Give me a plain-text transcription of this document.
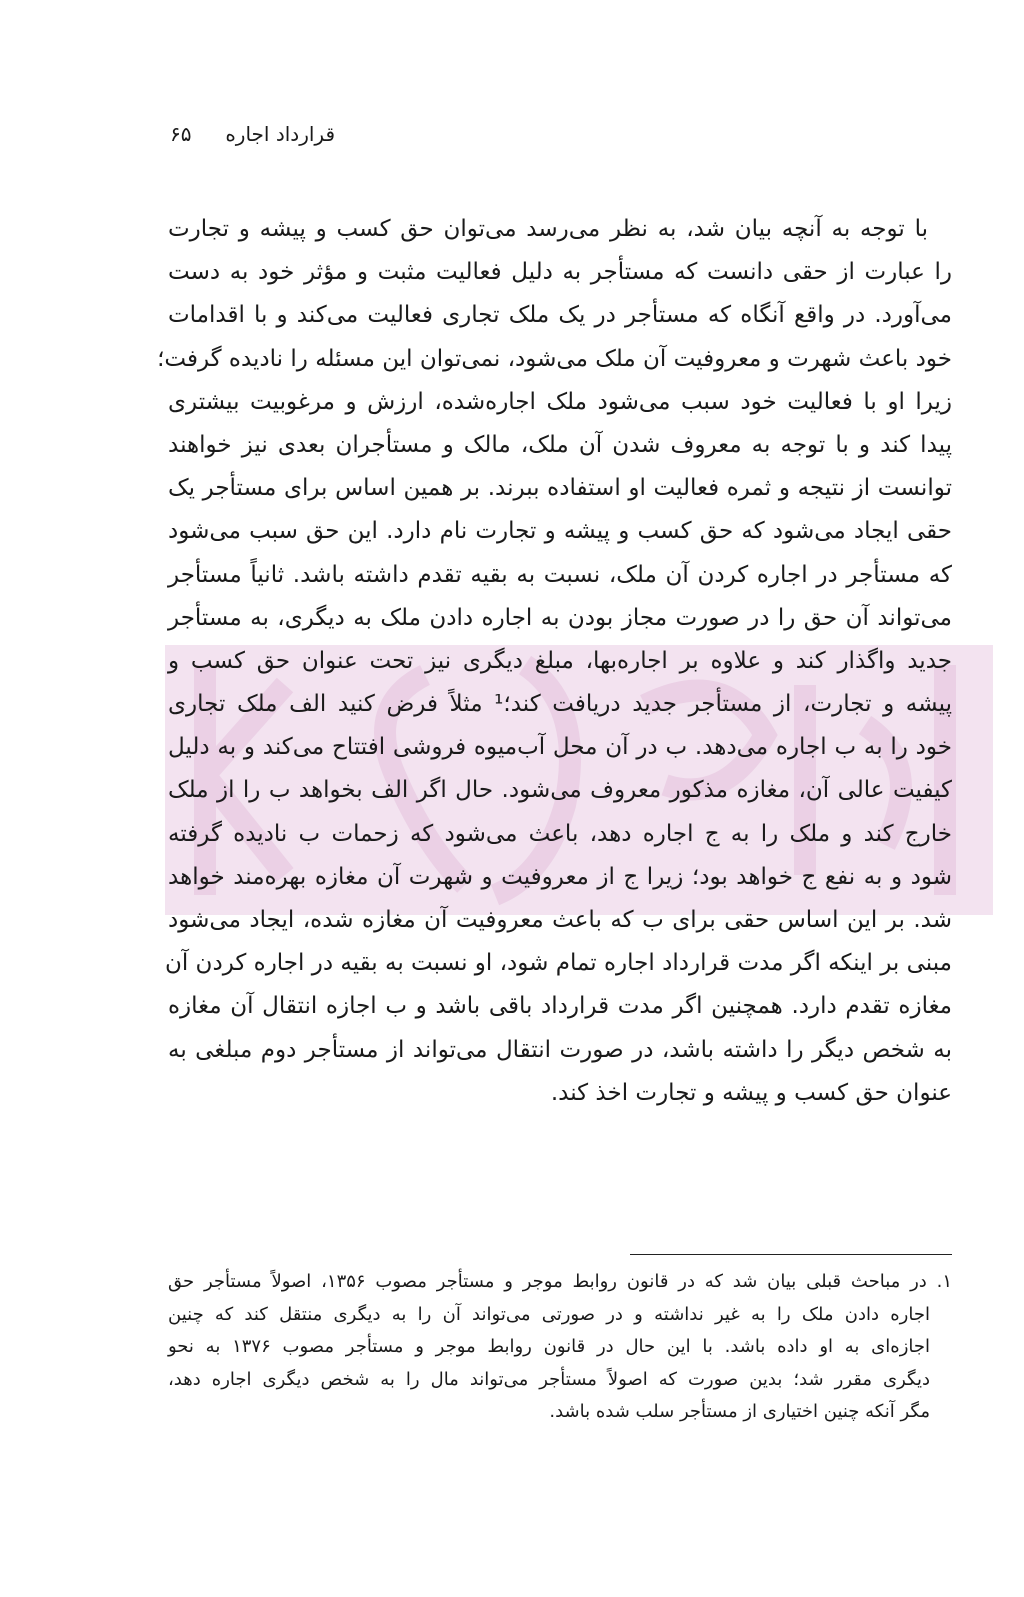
قرارداد اجاره
۶۵
با توجه به آنچه بیان شد، به نظر می‌رسد می‌توان حق کسب و پیشه و تجارت
را عبارت از حقی دانست که مستأجر به دلیل فعالیت مثبت و مؤثر خود به دست
می‌آورد. در واقع آنگاه که مستأجر در یک ملک تجاری فعالیت می‌کند و با اقدامات
خود باعث شهرت و معروفیت آن ملک می‌شود، نمی‌توان این مسئله را نادیده گرفت؛
زیرا او با فعالیت خود سبب می‌شود ملک اجاره‌شده، ارزش و مرغوبیت بیشتری
پیدا کند و با توجه به معروف شدن آن ملک، مالک و مستأجران بعدی نیز خواهند
توانست از نتیجه و ثمره فعالیت او استفاده ببرند. بر همین اساس برای مستأجر یک
حقی ایجاد می‌شود که حق کسب و پیشه و تجارت نام دارد. این حق سبب می‌شود
که مستأجر در اجاره کردن آن ملک، نسبت به بقیه تقدم داشته باشد. ثانیاً مستأجر
می‌تواند آن حق را در صورت مجاز بودن به اجاره دادن ملک به دیگری، به مستأجر
جدید واگذار کند و علاوه بر اجاره‌بها، مبلغ دیگری نیز تحت عنوان حق کسب و
پیشه و تجارت، از مستأجر جدید دریافت کند؛¹ مثلاً فرض کنید الف ملک تجاری
خود را به ب اجاره می‌دهد. ب در آن محل آب‌میوه فروشی افتتاح می‌کند و به دلیل
کیفیت عالی آن، مغازه مذکور معروف می‌شود. حال اگر الف بخواهد ب را از ملک
خارج کند و ملک را به ج اجاره دهد، باعث می‌شود که زحمات ب نادیده گرفته
شود و به نفع ج خواهد بود؛ زیرا ج از معروفیت و شهرت آن مغازه بهره‌مند خواهد
شد. بر این اساس حقی برای ب که باعث معروفیت آن مغازه شده، ایجاد می‌شود
مبنی بر اینکه اگر مدت قرارداد اجاره تمام شود، او نسبت به بقیه در اجاره کردن آن
مغازه تقدم دارد. همچنین اگر مدت قرارداد باقی باشد و ب اجازه انتقال آن مغازه
به شخص دیگر را داشته باشد، در صورت انتقال می‌تواند از مستأجر دوم مبلغی به
عنوان حق کسب و پیشه و تجارت اخذ کند.
۱. در مباحث قبلی بیان شد که در قانون روابط موجر و مستأجر مصوب ۱۳۵۶، اصولاً مستأجر حق
اجاره دادن ملک را به غیر نداشته و در صورتی می‌تواند آن را به دیگری منتقل کند که چنین
اجازه‌ای به او داده باشد. با این حال در قانون روابط موجر و مستأجر مصوب ۱۳۷۶ به نحو
دیگری مقرر شد؛ بدین صورت که اصولاً مستأجر می‌تواند مال را به شخص دیگری اجاره دهد،
مگر آنکه چنین اختیاری از مستأجر سلب شده باشد.
